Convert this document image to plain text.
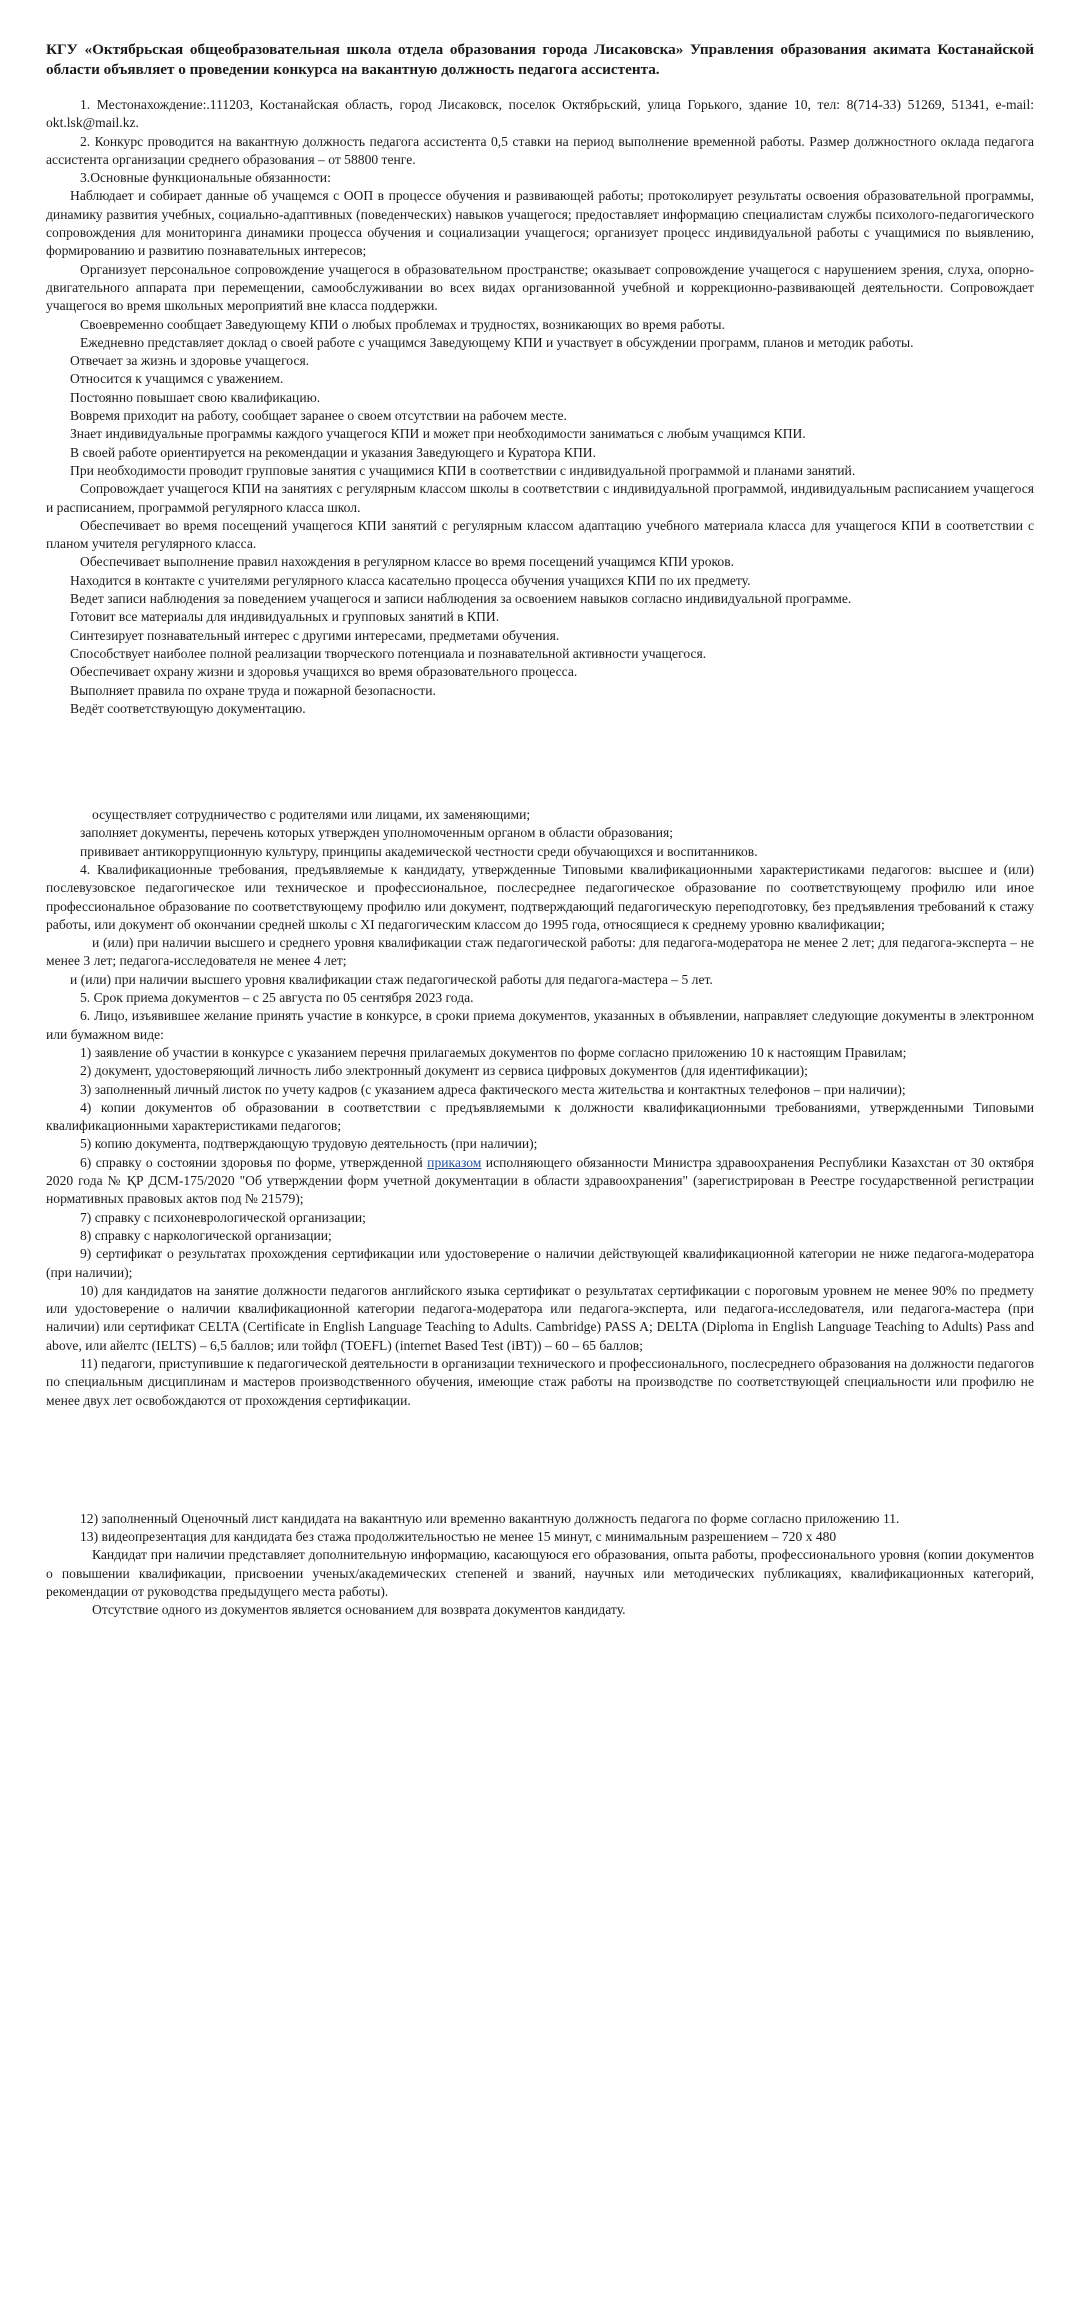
КГУ «Октябрьская общеобразовательная школа отдела образования города Лисаковска» Управления образования акимата Костанайской области объявляет о проведении конкурса на вакантную должность педагога ассистента.

1. Местонахождение:.111203, Костанайская область, город Лисаковск, поселок Октябрьский, улица Горького, здание 10, тел: 8(714-33) 51269, 51341, e-mail: okt.lsk@mail.kz.

2. Конкурс проводится на вакантную должность педагога ассистента 0,5 ставки на период выполнение временной работы. Размер должностного оклада педагога ассистента организации среднего образования – от 58800 тенге.

3.Основные функциональные обязанности:

Наблюдает и собирает данные об учащемся с ООП в процессе обучения и развивающей работы; протоколирует результаты освоения образовательной программы, динамику развития учебных, социально-адаптивных (поведенческих) навыков учащегося; предоставляет информацию специалистам службы психолого-педагогического сопровождения для мониторинга динамики процесса обучения и социализации учащегося; организует процесс индивидуальной работы с учащимися по выявлению, формированию и развитию познавательных интересов;

Организует персональное сопровождение учащегося в образовательном пространстве; оказывает сопровождение учащегося с нарушением зрения, слуха, опорно-двигательного аппарата при перемещении, самообслуживании во всех видах организованной учебной и коррекционно-развивающей деятельности. Сопровождает учащегося во время школьных мероприятий вне класса поддержки.

Своевременно сообщает Заведующему КПИ о любых проблемах и трудностях, возникающих во время работы.

Ежедневно представляет доклад о своей работе с учащимся Заведующему КПИ и участвует в обсуждении программ, планов и методик работы.

Отвечает за жизнь и здоровье учащегося.

Относится к учащимся с уважением.

Постоянно повышает свою квалификацию.

Вовремя приходит на работу, сообщает заранее о своем отсутствии на рабочем месте.

Знает индивидуальные программы каждого учащегося КПИ и может при необходимости заниматься с любым учащимся КПИ.

В своей работе ориентируется на рекомендации и указания Заведующего и Куратора КПИ.

При необходимости проводит групповые занятия с учащимися КПИ в соответствии с индивидуальной программой и планами занятий.

Сопровождает учащегося КПИ на занятиях с регулярным классом школы в соответствии с индивидуальной программой, индивидуальным расписанием учащегося и расписанием, программой регулярного класса школ.

Обеспечивает во время посещений учащегося КПИ занятий с регулярным классом адаптацию учебного материала класса для учащегося КПИ в соответствии с планом учителя регулярного класса.

Обеспечивает выполнение правил нахождения в регулярном классе во время посещений учащимся КПИ уроков.

Находится в контакте с учителями регулярного класса касательно процесса обучения учащихся КПИ по их предмету.

Ведет записи наблюдения за поведением учащегося и записи наблюдения за освоением навыков согласно индивидуальной программе.

Готовит все материалы для индивидуальных и групповых занятий в КПИ.

Синтезирует познавательный интерес с другими интересами, предметами обучения.

Способствует наиболее полной реализации творческого потенциала и познавательной активности учащегося.

Обеспечивает охрану жизни и здоровья учащихся во время образовательного процесса.

Выполняет правила по охране труда и пожарной безопасности.

Ведёт соответствующую документацию.

осуществляет сотрудничество с родителями или лицами, их заменяющими;

заполняет документы, перечень которых утвержден уполномоченным органом в области образования;

прививает антикоррупционную культуру, принципы академической честности среди обучающихся и воспитанников.

4. Квалификационные требования, предъявляемые к кандидату, утвержденные Типовыми квалификационными характеристиками педагогов: высшее и (или) послевузовское педагогическое или техническое и профессиональное, послесреднее педагогическое образование по соответствующему профилю или иное профессиональное образование по соответствующему профилю или документ, подтверждающий педагогическую переподготовку, без предъявления требований к стажу работы, или документ об окончании средней школы с XI педагогическим классом до 1995 года, относящиеся к среднему уровню квалификации;

и (или) при наличии высшего и среднего уровня квалификации стаж педагогической работы: для педагога-модератора не менее 2 лет; для педагога-эксперта – не менее 3 лет; педагога-исследователя не менее 4 лет;

и (или) при наличии высшего уровня квалификации стаж педагогической работы для педагога-мастера – 5 лет.

5. Срок приема документов – с 25 августа по 05 сентября 2023 года.

6. Лицо, изъявившее желание принять участие в конкурсе, в сроки приема документов, указанных в объявлении, направляет следующие документы в электронном или бумажном виде:

1) заявление об участии в конкурсе с указанием перечня прилагаемых документов по форме согласно приложению 10 к настоящим Правилам;

2) документ, удостоверяющий личность либо электронный документ из сервиса цифровых документов (для идентификации);

3) заполненный личный листок по учету кадров (с указанием адреса фактического места жительства и контактных телефонов – при наличии);

4) копии документов об образовании в соответствии с предъявляемыми к должности квалификационными требованиями, утвержденными Типовыми квалификационными характеристиками педагогов;

5) копию документа, подтверждающую трудовую деятельность (при наличии);

6) справку о состоянии здоровья по форме, утвержденной приказом исполняющего обязанности Министра здравоохранения Республики Казахстан от 30 октября 2020 года № ҚР ДСМ-175/2020 "Об утверждении форм учетной документации в области здравоохранения" (зарегистрирован в Реестре государственной регистрации нормативных правовых актов под № 21579);

7) справку с психоневрологической организации;

8) справку с наркологической организации;

9) сертификат о результатах прохождения сертификации или удостоверение о наличии действующей квалификационной категории не ниже педагога-модератора (при наличии);

10) для кандидатов на занятие должности педагогов английского языка сертификат о результатах сертификации с пороговым уровнем не менее 90% по предмету или удостоверение о наличии квалификационной категории педагога-модератора или педагога-эксперта, или педагога-исследователя, или педагога-мастера (при наличии) или сертификат CELTA (Certificate in English Language Teaching to Adults. Cambridge) PASS A; DELTA (Diploma in English Language Teaching to Adults) Pass and above, или айелтс (IELTS) – 6,5 баллов; или тойфл (TOEFL) (internet Based Test (iBT)) – 60 – 65 баллов;

11) педагоги, приступившие к педагогической деятельности в организации технического и профессионального, послесреднего образования на должности педагогов по специальным дисциплинам и мастеров производственного обучения, имеющие стаж работы на производстве по соответствующей специальности или профилю не менее двух лет освобождаются от прохождения сертификации.

12) заполненный Оценочный лист кандидата на вакантную или временно вакантную должность педагога по форме согласно приложению 11.

13) видеопрезентация для кандидата без стажа продолжительностью не менее 15 минут, с минимальным разрешением – 720 x 480

Кандидат при наличии представляет дополнительную информацию, касающуюся его образования, опыта работы, профессионального уровня (копии документов о повышении квалификации, присвоении ученых/академических степеней и званий, научных или методических публикациях, квалификационных категорий, рекомендации от руководства предыдущего места работы).

Отсутствие одного из документов является основанием для возврата документов кандидату.
